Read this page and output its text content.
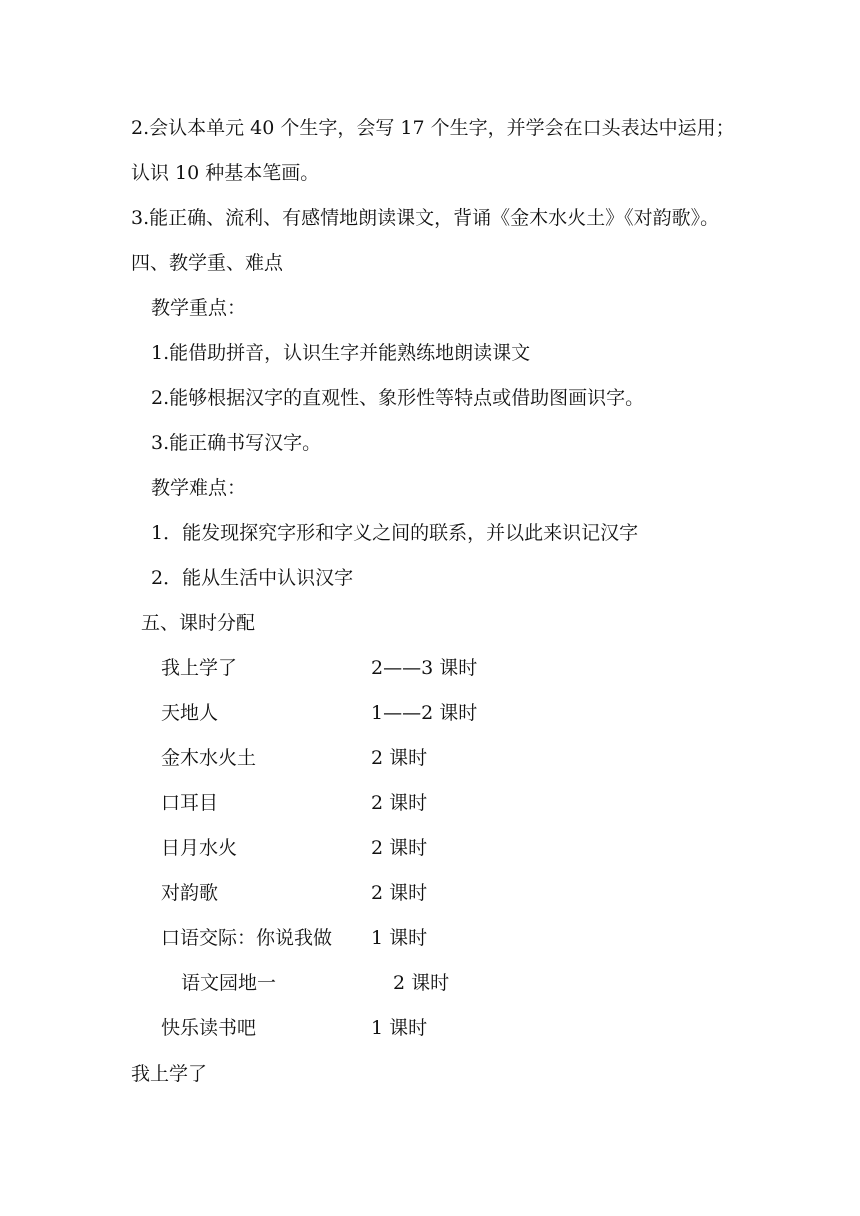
2.会认本单元 40 个生字，会写 17 个生字，并学会在口头表达中运用；
认识 10 种基本笔画。
3.能正确、流利、有感情地朗读课文，背诵《金木水火土》《对韵歌》。
四、教学重、难点
教学重点：
1.能借助拼音，认识生字并能熟练地朗读课文
2.能够根据汉字的直观性、象形性等特点或借助图画识字。
3.能正确书写汉字。
教学难点：
1．能发现探究字形和字义之间的联系，并以此来识记汉字
2．能从生活中认识汉字
五、课时分配
我上学了	2——3 课时
天地人	1——2 课时
金木水火土	2 课时
口耳目	2 课时
日月水火	2 课时
对韵歌	2 课时
口语交际：你说我做 1 课时
语文园地一	2 课时
快乐读书吧	1 课时
我上学了
